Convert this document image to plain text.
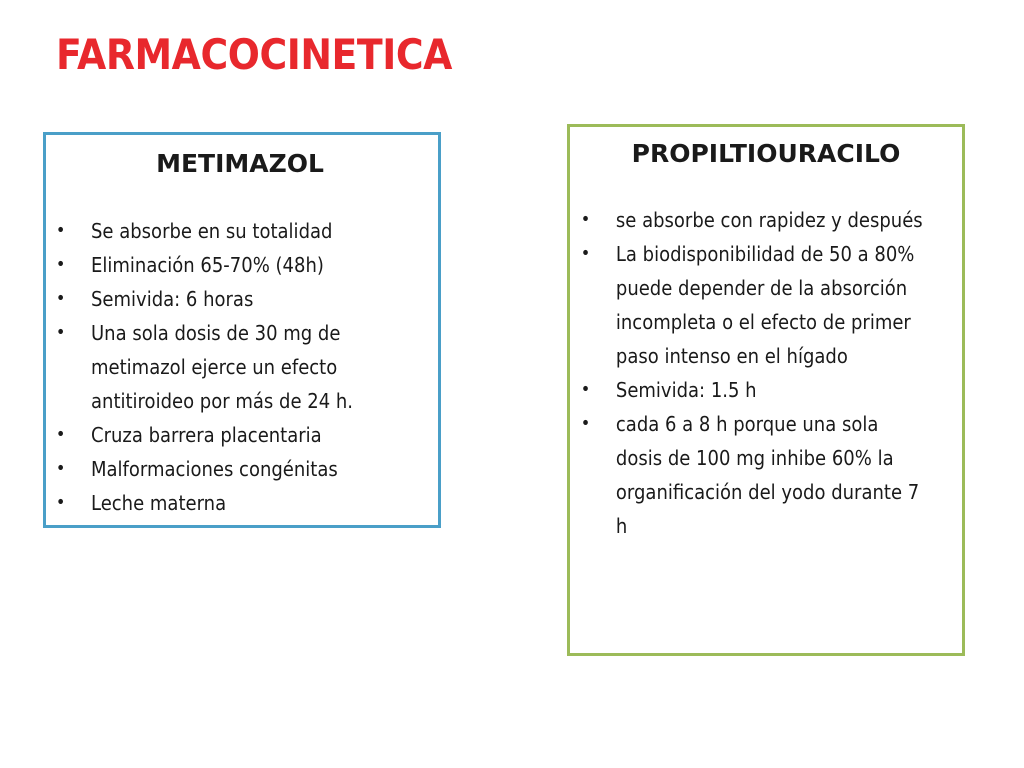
FARMACOCINETICA
METIMAZOL
• Se absorbe en su totalidad
• Eliminación 65-70% (48h)
• Semivida: 6 horas
• Una sola dosis de 30 mg de metimazol ejerce un efecto antitiroideo por más de 24 h.
• Cruza barrera placentaria
• Malformaciones congénitas
• Leche materna
PROPILTIOURACILO
• se absorbe con rapidez y después
• La biodisponibilidad de 50 a 80% puede depender de la absorción incompleta o el efecto de primer paso intenso en el hígado
• Semivida: 1.5 h
• cada 6 a 8 h porque una sola dosis de 100 mg inhibe 60% la organificación del yodo durante 7 h
